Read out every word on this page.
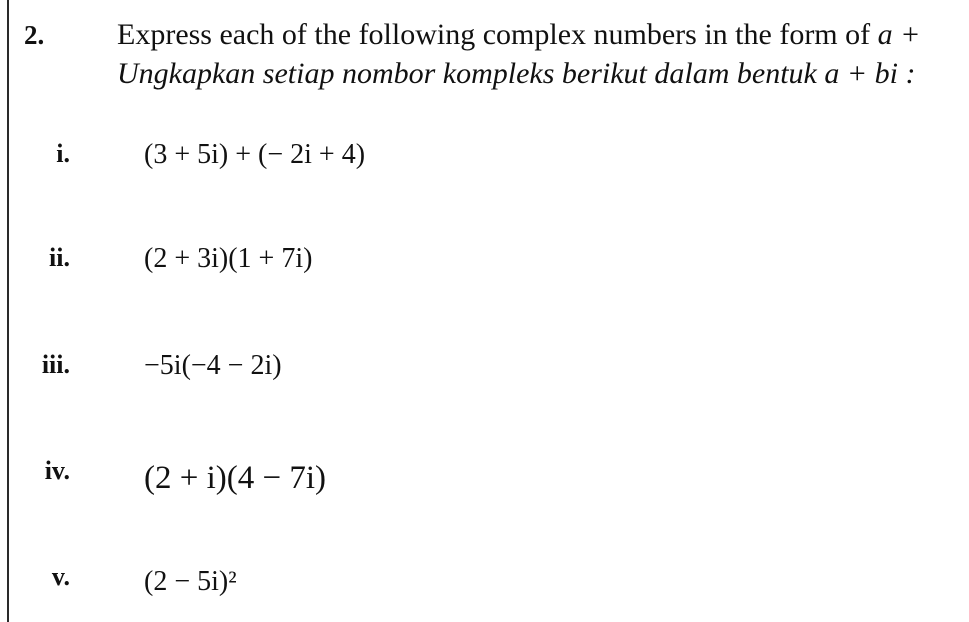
2. Express each of the following complex numbers in the form of a +
Ungkapkan setiap nombor kompleks berikut dalam bentuk a + bi :
i.	(3 + 5i) + (− 2i + 4)
ii.	(2 + 3i)(1 + 7i)
iii.	−5i(−4 − 2i)
iv. (2 + i)(4 − 7i)
v.	(2 − 5i)²
